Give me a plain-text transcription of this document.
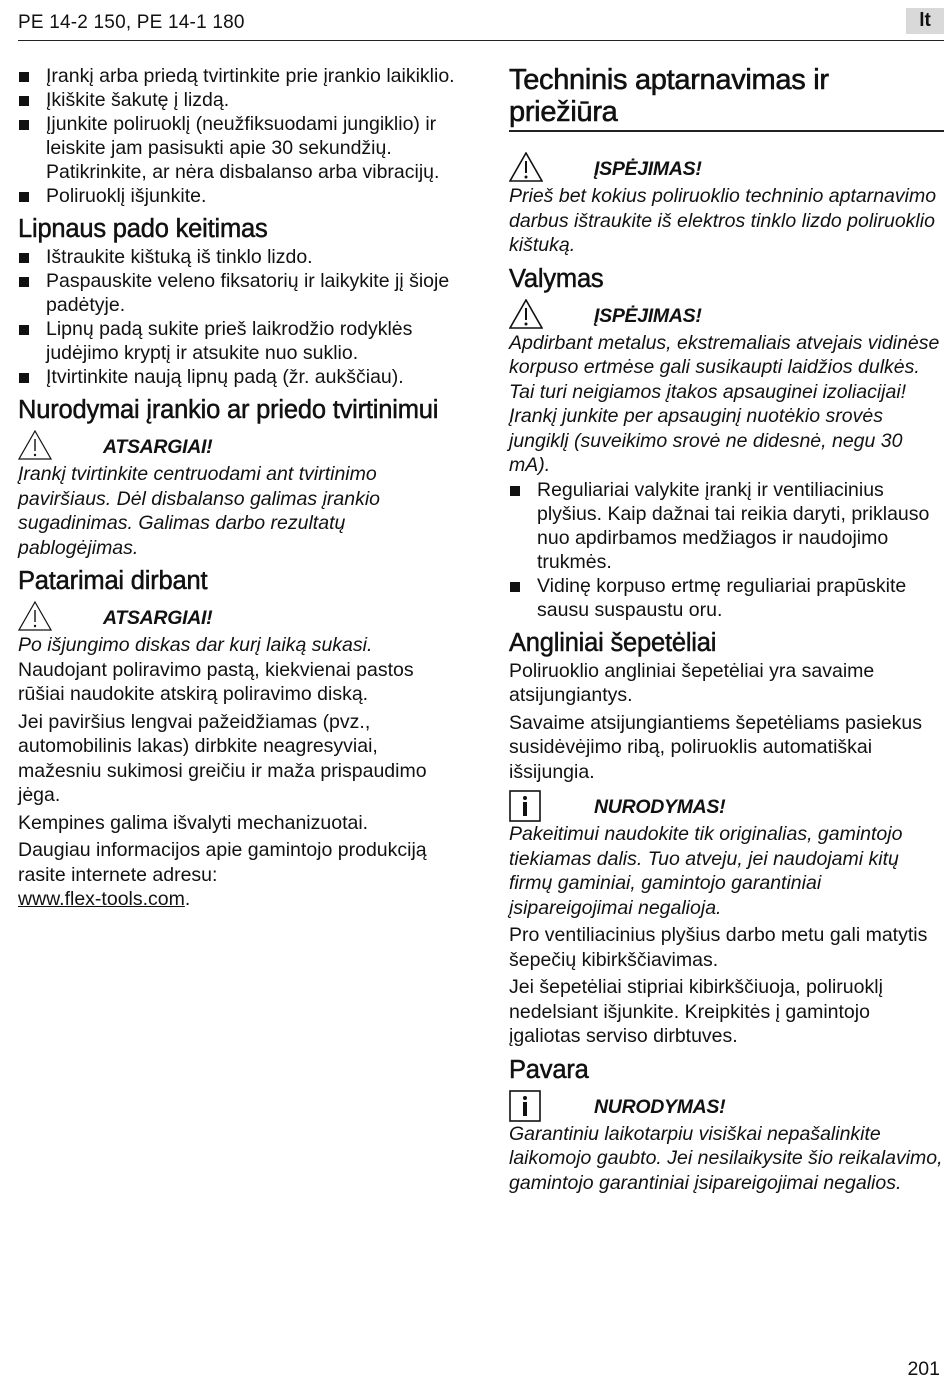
PE 14-2 150, PE 14-1 180	lt
Įrankį arba priedą tvirtinkite prie įrankio laikiklio.
Įkiškite šakutę į lizdą.
Įjunkite poliruoklį (neužfiksuodami jungiklio) ir leiskite jam pasisukti apie 30 sekundžių. Patikrinkite, ar nėra disbalanso arba vibracijų.
Poliruoklį išjunkite.
Lipnaus pado keitimas
Ištraukite kištuką iš tinklo lizdo.
Paspauskite veleno fiksatorių ir laikykite jį šioje padėtyje.
Lipnų padą sukite prieš laikrodžio rodyklės judėjimo kryptį ir atsukite nuo suklio.
Įtvirtinkite naują lipnų padą (žr. aukščiau).
Nurodymai įrankio ar priedo tvirtinimui
ATSARGIAI!

Įrankį tvirtinkite centruodami ant tvirtinimo paviršiaus. Dėl disbalanso galimas įrankio sugadinimas. Galimas darbo rezultatų pablogėjimas.

Patarimai dirbant
ATSARGIAI!

Po išjungimo diskas dar kurį laiką sukasi.

Naudojant poliravimo pastą, kiekvienai pastos rūšiai naudokite atskirą poliravimo diską.

Jei paviršius lengvai pažeidžiamas (pvz., automobilinis lakas) dirbkite neagresyviai, mažesniu sukimosi greičiu ir maža prispaudimo jėga.

Kempines galima išvalyti mechanizuotai.

Daugiau informacijos apie gamintojo produkciją rasite internete adresu:
www.flex-tools.com.

Techninis aptarnavimas ir priežiūra
ĮSPĖJIMAS!

Prieš bet kokius poliruoklio techninio aptarnavimo darbus ištraukite iš elektros tinklo lizdo poliruoklio kištuką.

Valymas
ĮSPĖJIMAS!

Apdirbant metalus, ekstremaliais atvejais vidinėse korpuso ertmėse gali susikaupti laidžios dulkės. Tai turi neigiamos įtakos apsauginei izoliacijai! Įrankį junkite per apsauginį nuotėkio srovės jungiklį (suveikimo srovė ne didesnė, negu 30 mA).

Reguliariai valykite įrankį ir ventiliacinius plyšius. Kaip dažnai tai reikia daryti, priklauso nuo apdirbamos medžiagos ir naudojimo trukmės.
Vidinę korpuso ertmę reguliariai prapūskite sausu suspaustu oru.
Angliniai šepetėliai

Poliruoklio angliniai šepetėliai yra savaime atsijungiantys.

Savaime atsijungiantiems šepetėliams pasiekus susidėvėjimo ribą, poliruoklis automatiškai išsijungia.

NURODYMAS!

Pakeitimui naudokite tik originalias, gamintojo tiekiamas dalis. Tuo atveju, jei naudojami kitų firmų gaminiai, gamintojo garantiniai įsipareigojimai negalioja.

Pro ventiliacinius plyšius darbo metu gali matytis šepečių kibirkščiavimas.

Jei šepetėliai stipriai kibirkščiuoja, poliruoklį nedelsiant išjunkite. Kreipkitės į gamintojo įgaliotas serviso dirbtuves.

Pavara
NURODYMAS!

Garantiniu laikotarpiu visiškai nepašalinkite laikomojo gaubto. Jei nesilaikysite šio reikalavimo, gamintojo garantiniai įsipareigojimai negalios.

201
